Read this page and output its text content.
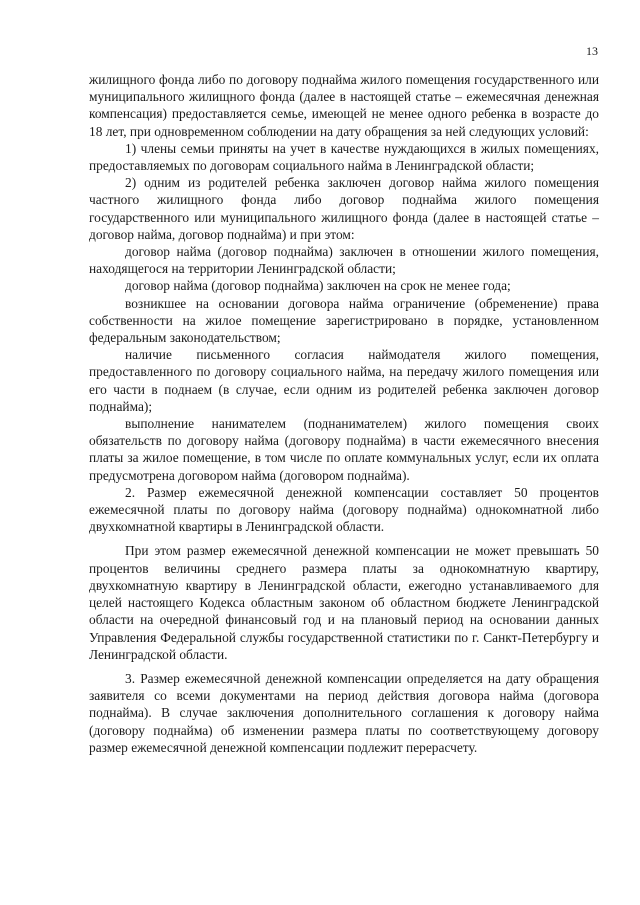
13

жилищного фонда либо по договору поднайма жилого помещения государственного или муниципального жилищного фонда (далее в настоящей статье – ежемесячная денежная компенсация) предоставляется семье, имеющей не менее одного ребенка в возрасте до 18 лет, при одновременном соблюдении на дату обращения за ней следующих условий:

1) члены семьи приняты на учет в качестве нуждающихся в жилых помещениях, предоставляемых по договорам социального найма в Ленинградской области;

2) одним из родителей ребенка заключен договор найма жилого помещения частного жилищного фонда либо договор поднайма жилого помещения государственного или муниципального жилищного фонда (далее в настоящей статье – договор найма, договор поднайма) и при этом:

договор найма (договор поднайма) заключен в отношении жилого помещения, находящегося на территории Ленинградской области;

договор найма (договор поднайма) заключен на срок не менее года;

возникшее на основании договора найма ограничение (обременение) права собственности на жилое помещение зарегистрировано в порядке, установленном федеральным законодательством;

наличие письменного согласия наймодателя жилого помещения, предоставленного по договору социального найма, на передачу жилого помещения или его части в поднаем (в случае, если одним из родителей ребенка заключен договор поднайма);

выполнение нанимателем (поднанимателем) жилого помещения своих обязательств по договору найма (договору поднайма) в части ежемесячного внесения платы за жилое помещение, в том числе по оплате коммунальных услуг, если их оплата предусмотрена договором найма (договором поднайма).

2. Размер ежемесячной денежной компенсации составляет 50 процентов ежемесячной платы по договору найма (договору поднайма) однокомнатной либо двухкомнатной квартиры в Ленинградской области.

При этом размер ежемесячной денежной компенсации не может превышать 50 процентов величины среднего размера платы за однокомнатную квартиру, двухкомнатную квартиру в Ленинградской области, ежегодно устанавливаемого для целей настоящего Кодекса областным законом об областном бюджете Ленинградской области на очередной финансовый год и на плановый период на основании данных Управления Федеральной службы государственной статистики по г. Санкт-Петербургу и Ленинградской области.

3. Размер ежемесячной денежной компенсации определяется на дату обращения заявителя со всеми документами на период действия договора найма (договора поднайма). В случае заключения дополнительного соглашения к договору найма (договору поднайма) об изменении размера платы по соответствующему договору размер ежемесячной денежной компенсации подлежит перерасчету.
